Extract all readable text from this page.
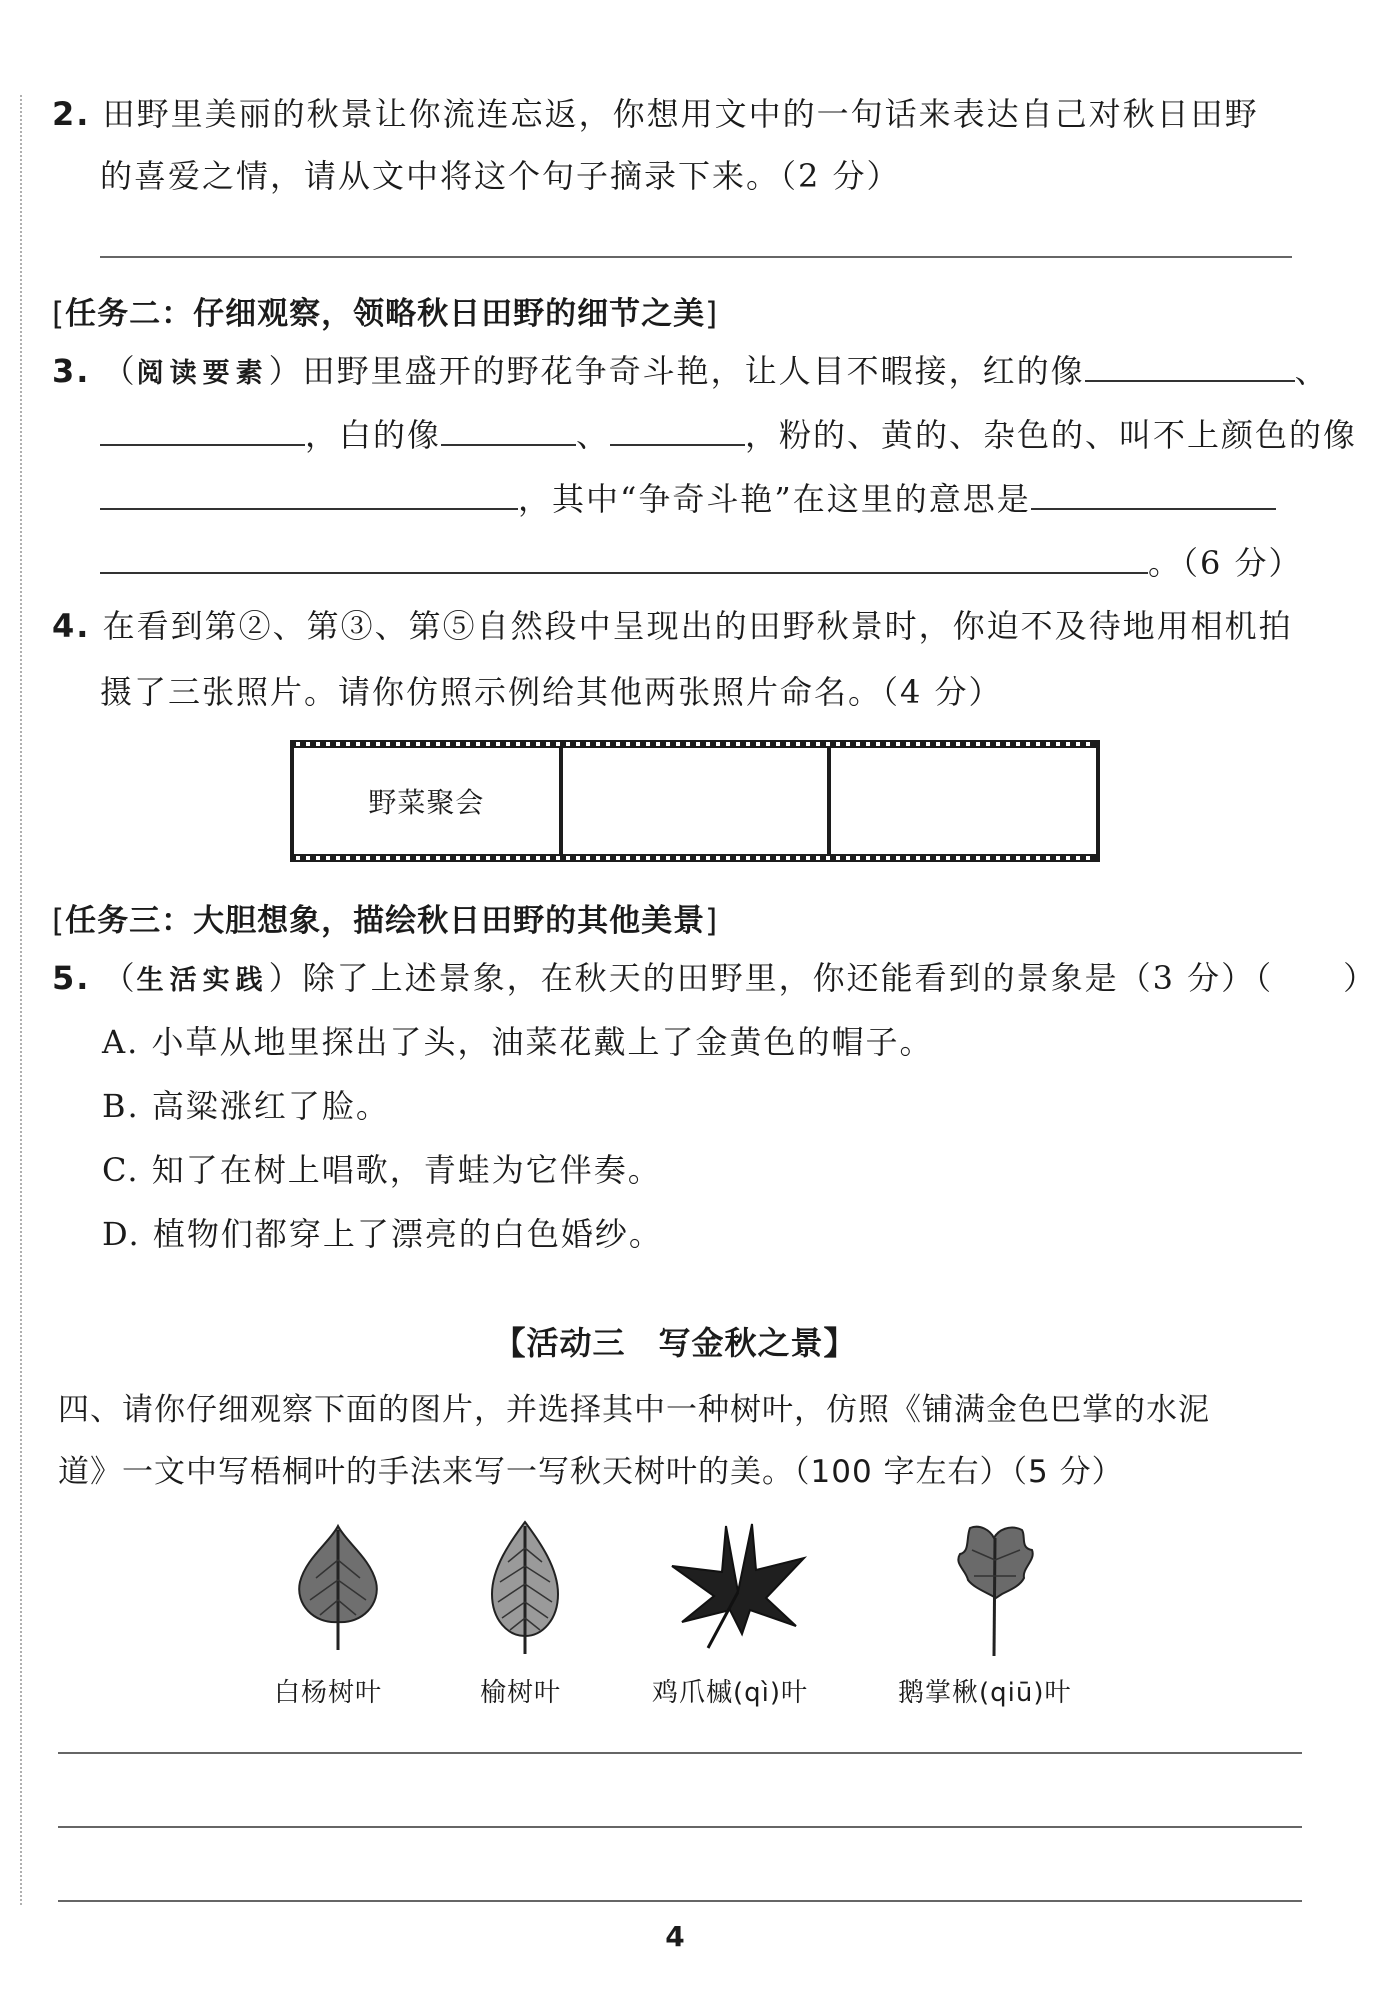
2. 田野里美丽的秋景让你流连忘返，你想用文中的一句话来表达自己对秋日田野
的喜爱之情，请从文中将这个句子摘录下来。（2 分）
[任务二：仔细观察，领略秋日田野的细节之美]
3. （阅读要素）田野里盛开的野花争奇斗艳，让人目不暇接，红的像	、
，白的像	、	，粉的、黄的、杂色的、叫不上颜色的像
，其中“争奇斗艳”在这里的意思是
。（6 分）
4. 在看到第②、第③、第⑤自然段中呈现出的田野秋景时，你迫不及待地用相机拍
摄了三张照片。请你仿照示例给其他两张照片命名。（4 分）
野菜聚会
[任务三：大胆想象，描绘秋日田野的其他美景]
5. （生活实践）除了上述景象，在秋天的田野里，你还能看到的景象是（3 分）（ ）
A. 小草从地里探出了头，油菜花戴上了金黄色的帽子。
B. 高粱涨红了脸。
C. 知了在树上唱歌，青蛙为它伴奏。
D. 植物们都穿上了漂亮的白色婚纱。
【活动三　写金秋之景】
四、请你仔细观察下面的图片，并选择其中一种树叶，仿照《铺满金色巴掌的水泥
道》一文中写梧桐叶的手法来写一写秋天树叶的美。（100 字左右）（5 分）
白杨树叶	榆树叶	鸡爪槭(qì)叶	鹅掌楸(qiū)叶
4
